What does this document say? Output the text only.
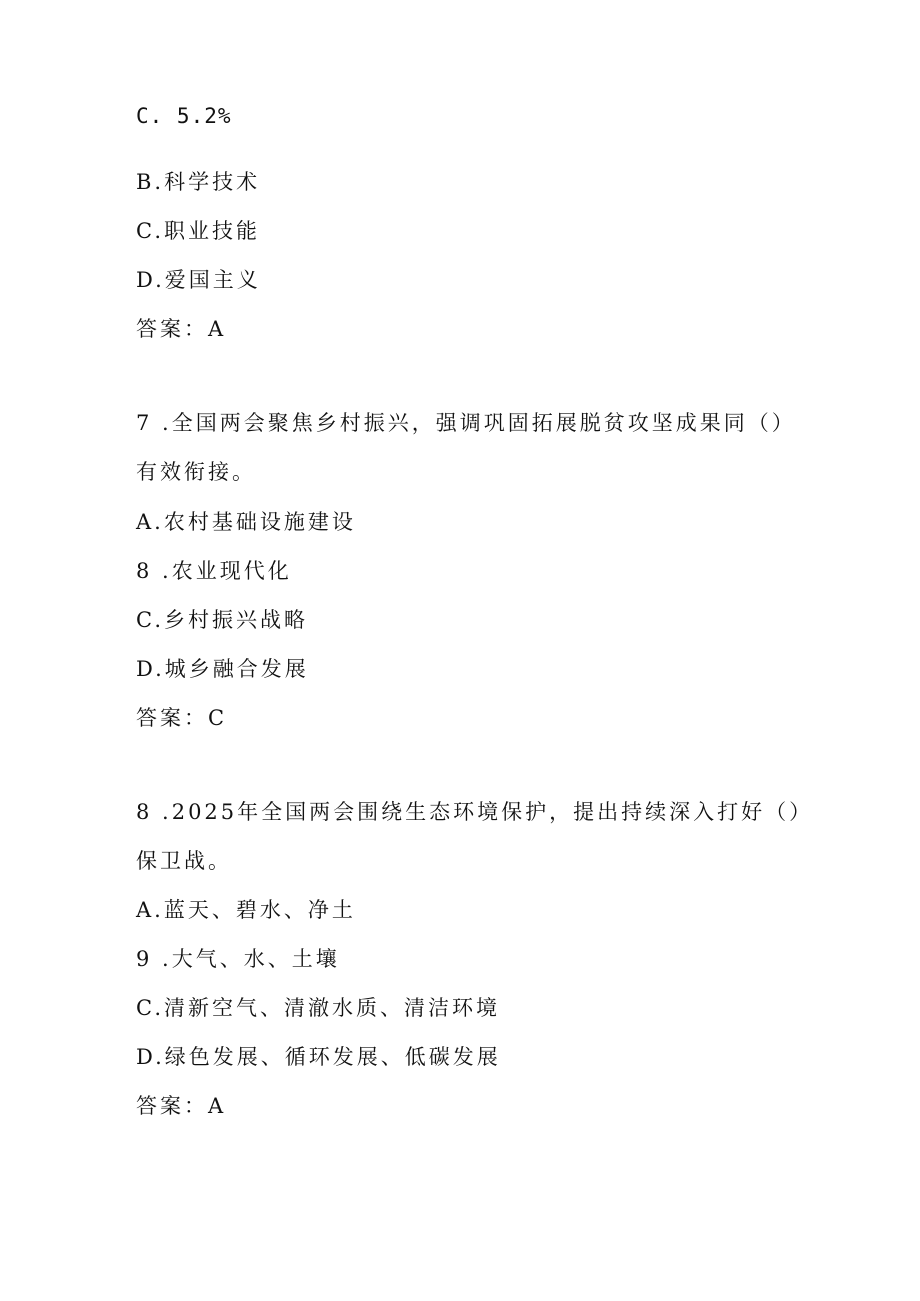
C. 5.2%
B.科学技术
C.职业技能
D.爱国主义
答案：A
7 .全国两会聚焦乡村振兴，强调巩固拓展脱贫攻坚成果同（）
有效衔接。
A.农村基础设施建设
8 .农业现代化
C.乡村振兴战略
D.城乡融合发展
答案：C
8 .2025年全国两会围绕生态环境保护，提出持续深入打好（）
保卫战。
A.蓝天、碧水、净土
9 .大气、水、土壤
C.清新空气、清澈水质、清洁环境
D.绿色发展、循环发展、低碳发展
答案：A
